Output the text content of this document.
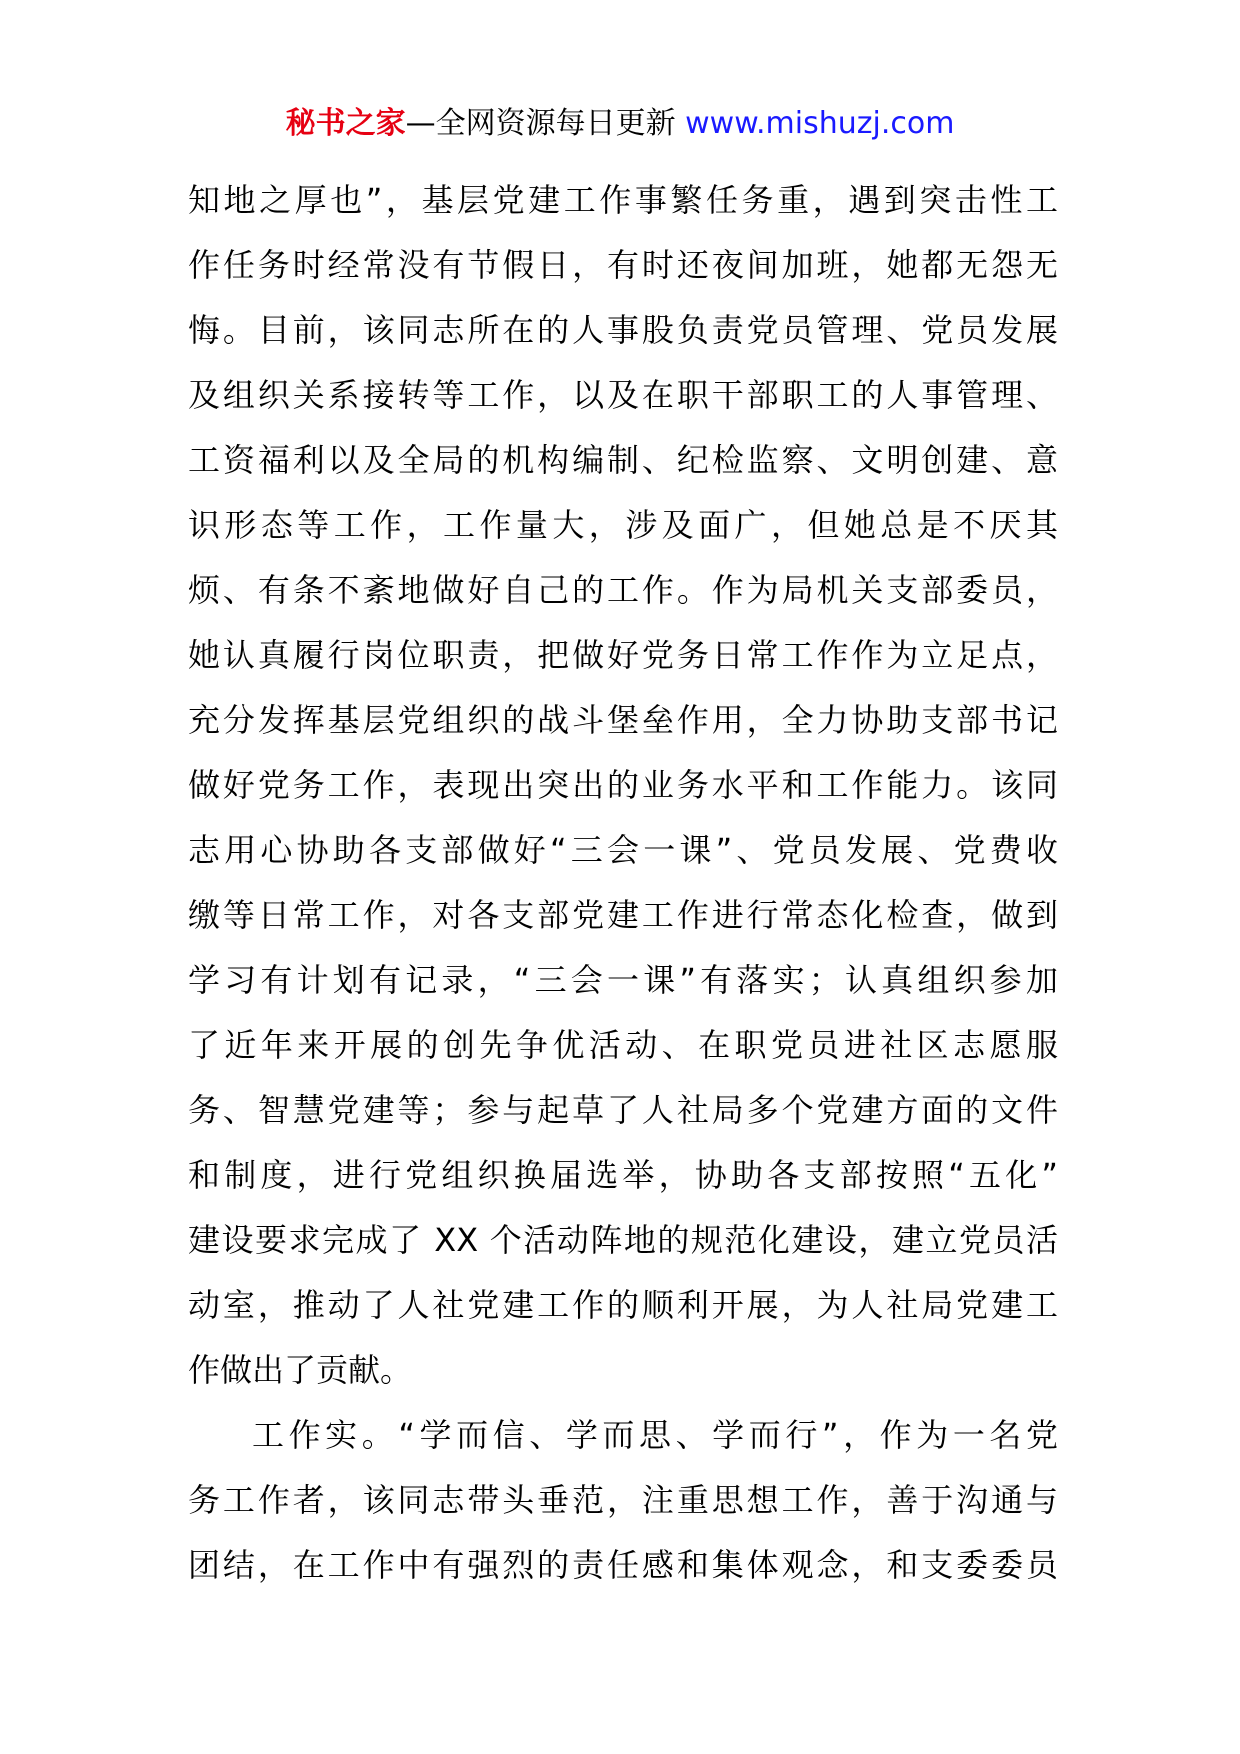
秘书之家—全网资源每日更新 www.mishuzj.com
知地之厚也”，基层党建工作事繁任务重，遇到突击性工
作任务时经常没有节假日，有时还夜间加班，她都无怨无
悔。目前，该同志所在的人事股负责党员管理、党员发展
及组织关系接转等工作，以及在职干部职工的人事管理、
工资福利以及全局的机构编制、纪检监察、文明创建、意
识形态等工作，工作量大，涉及面广，但她总是不厌其
烦、有条不紊地做好自己的工作。作为局机关支部委员，
她认真履行岗位职责，把做好党务日常工作作为立足点，
充分发挥基层党组织的战斗堡垒作用，全力协助支部书记
做好党务工作，表现出突出的业务水平和工作能力。该同
志用心协助各支部做好“三会一课”、党员发展、党费收
缴等日常工作，对各支部党建工作进行常态化检查，做到
学习有计划有记录，“三会一课”有落实；认真组织参加
了近年来开展的创先争优活动、在职党员进社区志愿服
务、智慧党建等；参与起草了人社局多个党建方面的文件
和制度，进行党组织换届选举，协助各支部按照“五化”
建设要求完成了 XX 个活动阵地的规范化建设，建立党员活
动室，推动了人社党建工作的顺利开展，为人社局党建工
作做出了贡献。
工作实。“学而信、学而思、学而行”，作为一名党
务工作者，该同志带头垂范，注重思想工作，善于沟通与
团结，在工作中有强烈的责任感和集体观念，和支委委员
